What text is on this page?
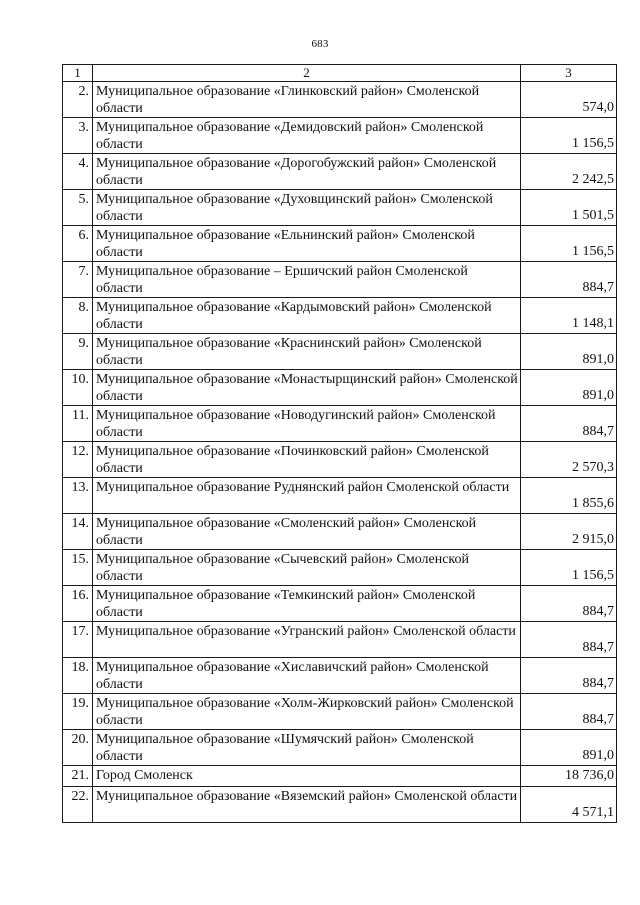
683
1	2	3
2.	Муниципальное образование «Глинковский район» Смоленской области	574,0
3.	Муниципальное образование «Демидовский район» Смоленской области	1 156,5
4.	Муниципальное образование «Дорогобужский район» Смоленской области	2 242,5
5.	Муниципальное образование «Духовщинский район» Смоленской области	1 501,5
6.	Муниципальное образование «Ельнинский район» Смоленской области	1 156,5
7.	Муниципальное образование – Ершичский район Смоленской области	884,7
8.	Муниципальное образование «Кардымовский район» Смоленской области	1 148,1
9.	Муниципальное образование «Краснинский район» Смоленской области	891,0
10.	Муниципальное образование «Монастырщинский район» Смоленской области	891,0
11.	Муниципальное образование «Новодугинский район» Смоленской области	884,7
12.	Муниципальное образование «Починковский район» Смоленской области	2 570,3
13.	Муниципальное образование Руднянский район Смоленской области	1 855,6
14.	Муниципальное образование «Смоленский район» Смоленской области	2 915,0
15.	Муниципальное образование «Сычевский район» Смоленской области	1 156,5
16.	Муниципальное образование «Темкинский район» Смоленской области	884,7
17.	Муниципальное образование «Угранский район» Смоленской области	884,7
18.	Муниципальное образование «Хиславичский район» Смоленской области	884,7
19.	Муниципальное образование «Холм-Жирковский район» Смоленской области	884,7
20.	Муниципальное образование «Шумячский район» Смоленской области	891,0
21.	Город Смоленск	18 736,0
22.	Муниципальное образование «Вяземский район» Смоленской области	4 571,1
